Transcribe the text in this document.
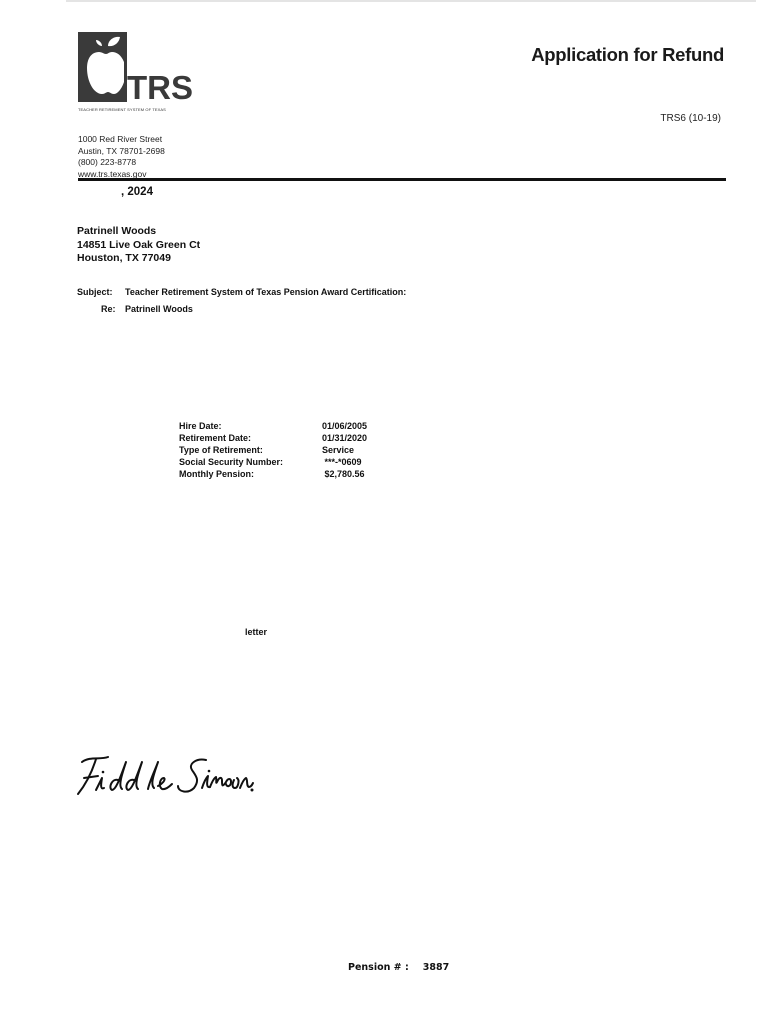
TRS
TEACHER RETIREMENT SYSTEM OF TEXAS
1000 Red River Street
Austin, TX 78701-2698
(800) 223-8778
www.trs.texas.gov
Application for Refund
TRS6 (10-19)
, 2024
Patrinell Woods
14851 Live Oak Green Ct
Houston, TX 77049
Subject: Teacher Retirement System of Texas Pension Award Certification:
Re: Patrinell Woods
Hire Date:	01/06/2005
Retirement Date:	01/31/2020
Type of Retirement:	Service
Social Security Number:	***-*0609
Monthly Pension:	$2,780.56
letter
Pension # : 3887
